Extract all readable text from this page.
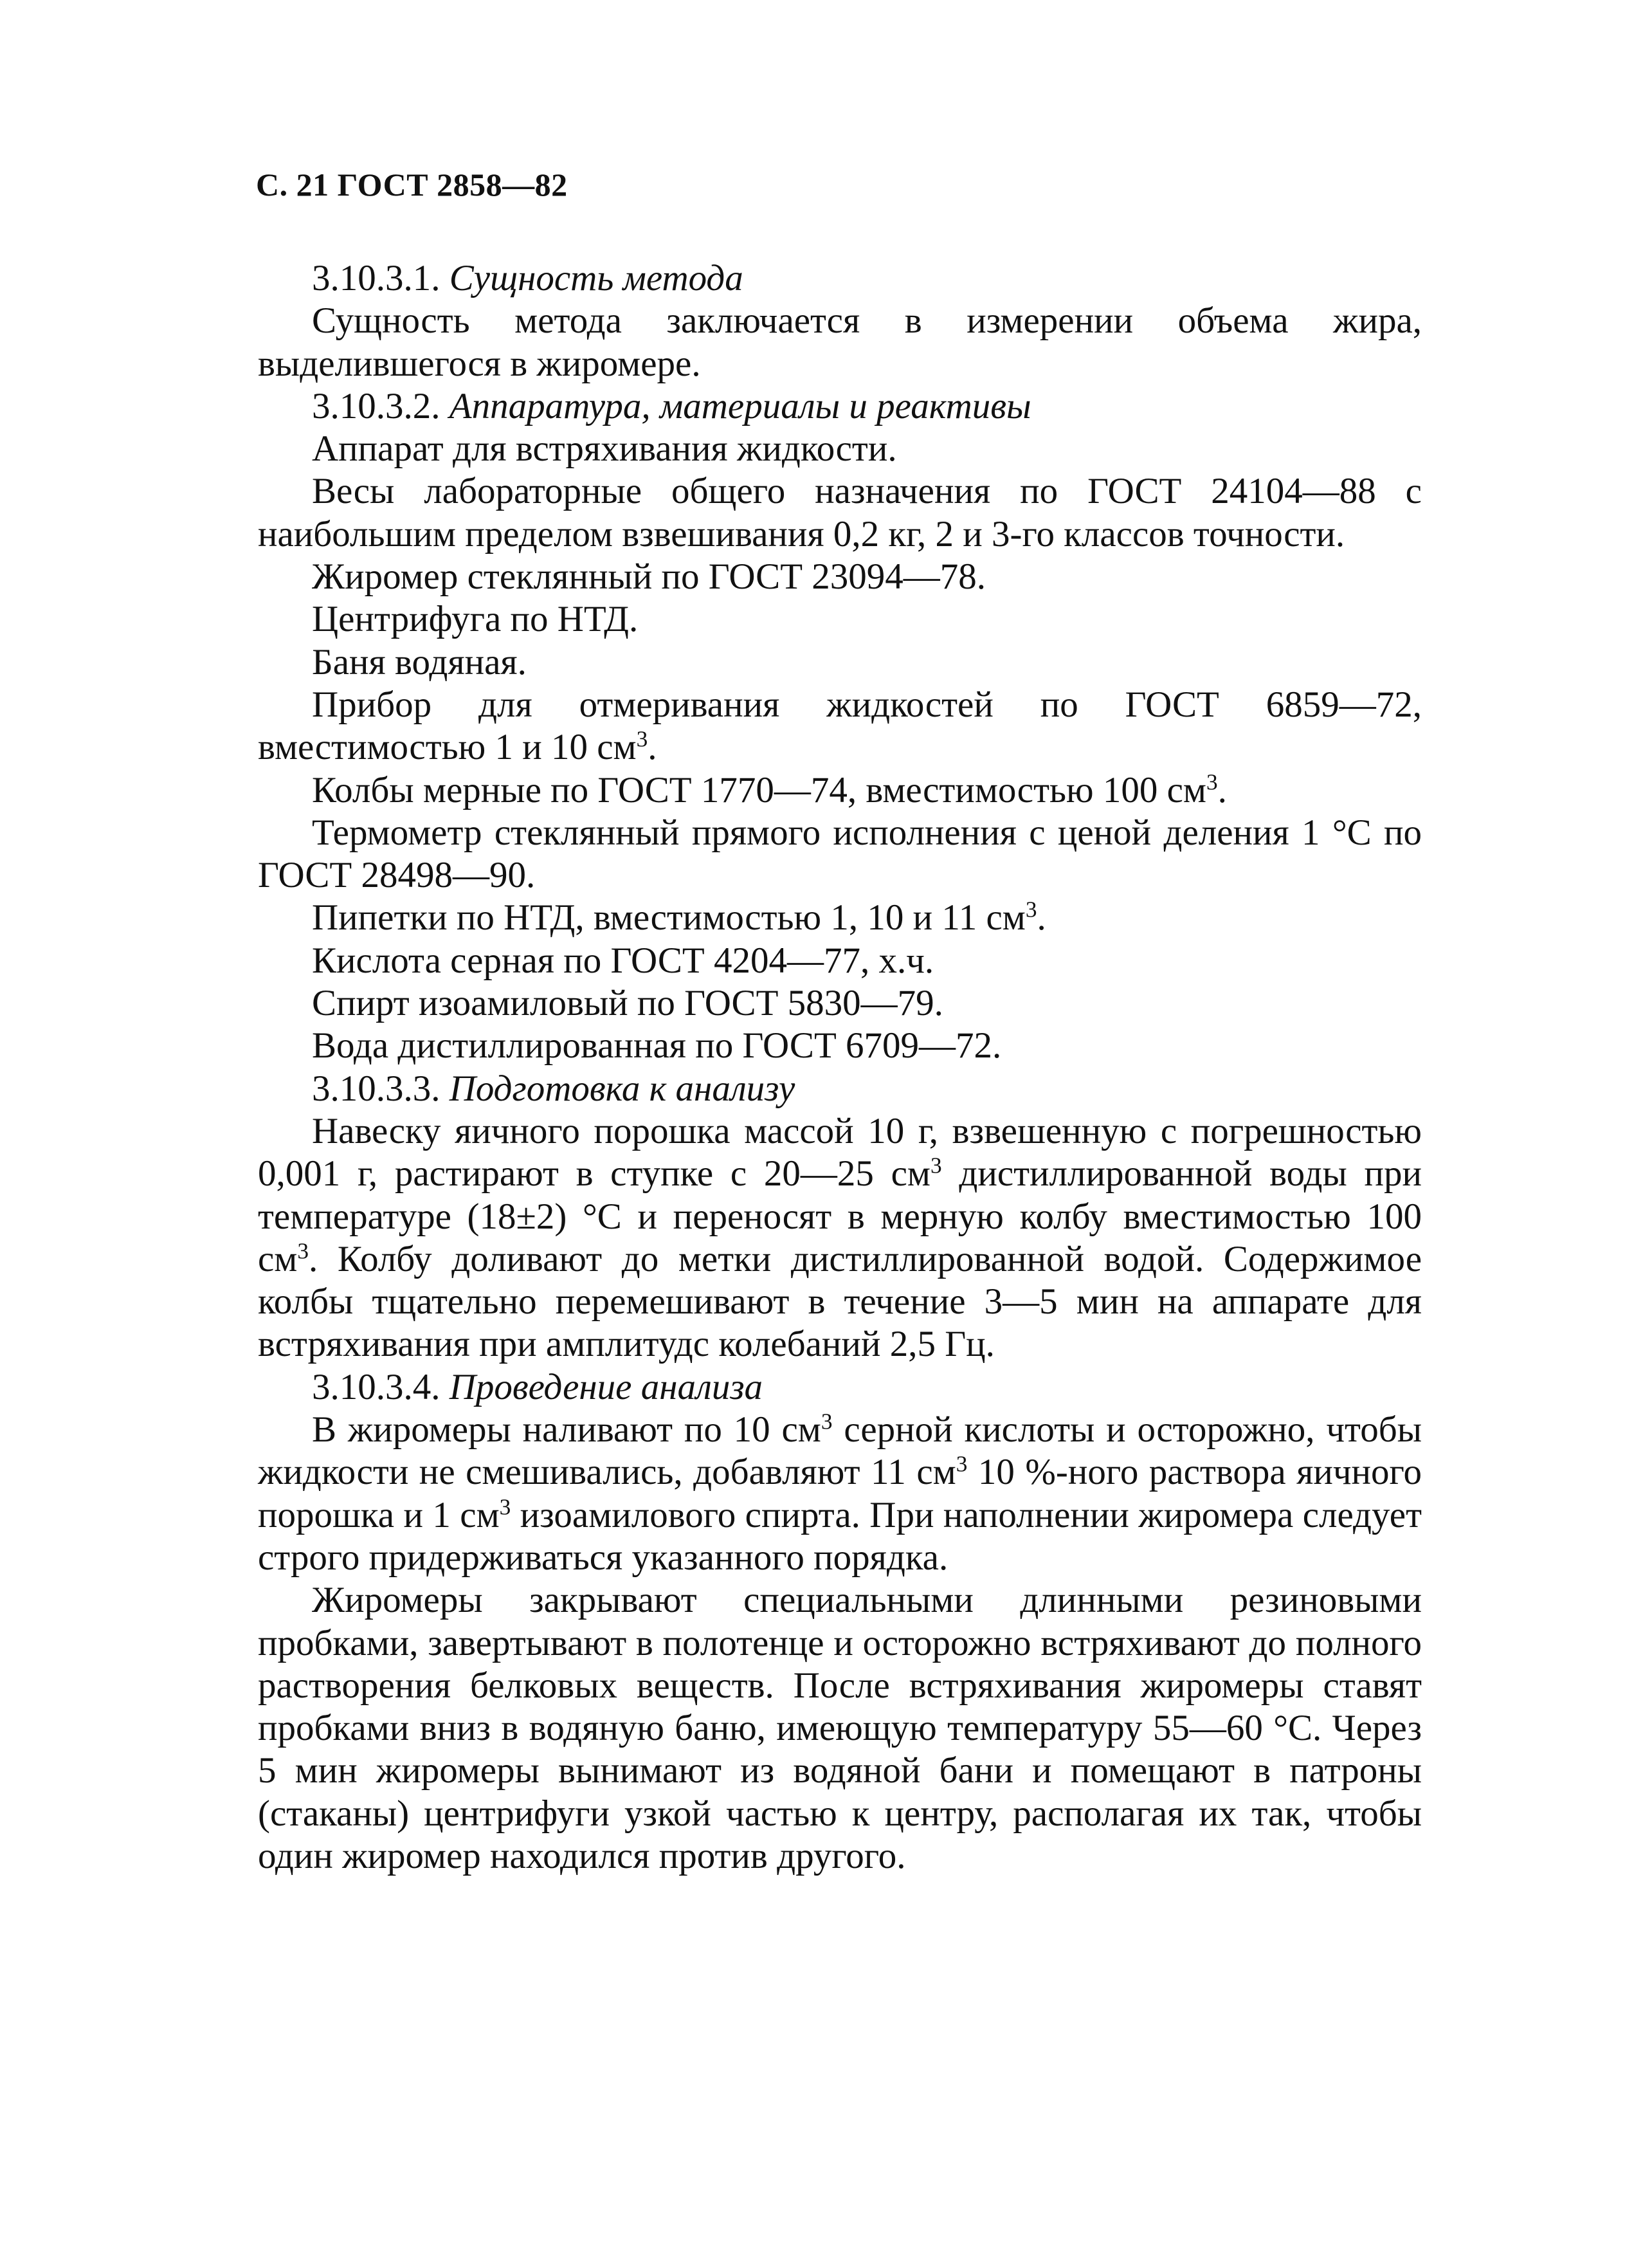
С. 21 ГОСТ 2858—82

3.10.3.1. Сущность метода

Сущность метода заключается в измерении объема жира, выделившегося в жиромере.

3.10.3.2. Аппаратура, материалы и реактивы

Аппарат для встряхивания жидкости.

Весы лабораторные общего назначения по ГОСТ 24104—88 с наибольшим пределом взвешивания 0,2 кг, 2 и 3-го классов точности.

Жиромер стеклянный по ГОСТ 23094—78.

Центрифуга по НТД.

Баня водяная.

Прибор для отмеривания жидкостей по ГОСТ 6859—72, вместимостью 1 и 10 $см^3$.

Колбы мерные по ГОСТ 1770—74, вместимостью 100 $см^3$.

Термометр стеклянный прямого исполнения с ценой деления 1 °С по ГОСТ 28498—90.

Пипетки по НТД, вместимостью 1, 10 и 11 $см^3$.

Кислота серная по ГОСТ 4204—77, х.ч.

Спирт изоамиловый по ГОСТ 5830—79.

Вода дистиллированная по ГОСТ 6709—72.

3.10.3.3. Подготовка к анализу

Навеску яичного порошка массой 10 г, взвешенную с погрешностью 0,001 г, растирают в ступке с 20—25 $см^3$ дистиллированной воды при температуре (18±2) °С и переносят в мерную колбу вместимостью 100 $см^3$. Колбу доливают до метки дистиллированной водой. Содержимое колбы тщательно перемешивают в течение 3—5 мин на аппарате для встряхивания при амплитудс колебаний 2,5 Гц.

3.10.3.4. Проведение анализа

В жиромеры наливают по 10 $см^3$ серной кислоты и осторожно, чтобы жидкости не смешивались, добавляют 11 $см^3$ 10 %-ного раствора яичного порошка и 1 $см^3$ изоамилового спирта. При наполнении жиромера следует строго придерживаться указанного порядка.

Жиромеры закрывают специальными длинными резиновыми пробками, завертывают в полотенце и осторожно встряхивают до полного растворения белковых веществ. После встряхивания жиромеры ставят пробками вниз в водяную баню, имеющую температуру 55—60 °С. Через 5 мин жиромеры вынимают из водяной бани и помещают в патроны (стаканы) центрифуги узкой частью к центру, располагая их так, чтобы один жиромер находился против другого.
